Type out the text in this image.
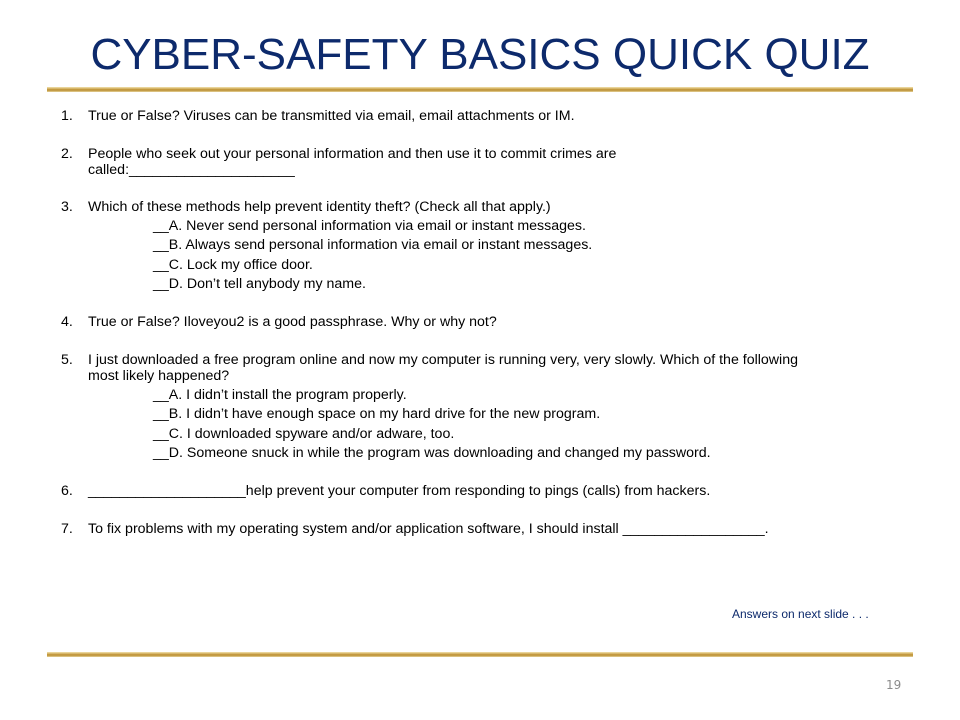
CYBER-SAFETY BASICS QUICK QUIZ
1. True or False? Viruses can be transmitted via email, email attachments or IM.
2. People who seek out your personal information and then use it to commit crimes are
called:_____________________
3. Which of these methods help prevent identity theft? (Check all that apply.)
__A. Never send personal information via email or instant messages.
__B. Always send personal information via email or instant messages.
__C. Lock my office door.
__D. Don’t tell anybody my name.
4. True or False? Iloveyou2 is a good passphrase. Why or why not?
5. I just downloaded a free program online and now my computer is running very, very slowly. Which of the following
most likely happened?
__A. I didn’t install the program properly.
__B. I didn’t have enough space on my hard drive for the new program.
__C. I downloaded spyware and/or adware, too.
__D. Someone snuck in while the program was downloading and changed my password.
6. ____________________help prevent your computer from responding to pings (calls) from hackers.
7. To fix problems with my operating system and/or application software, I should install __________________.
Answers on next slide . . .
19
